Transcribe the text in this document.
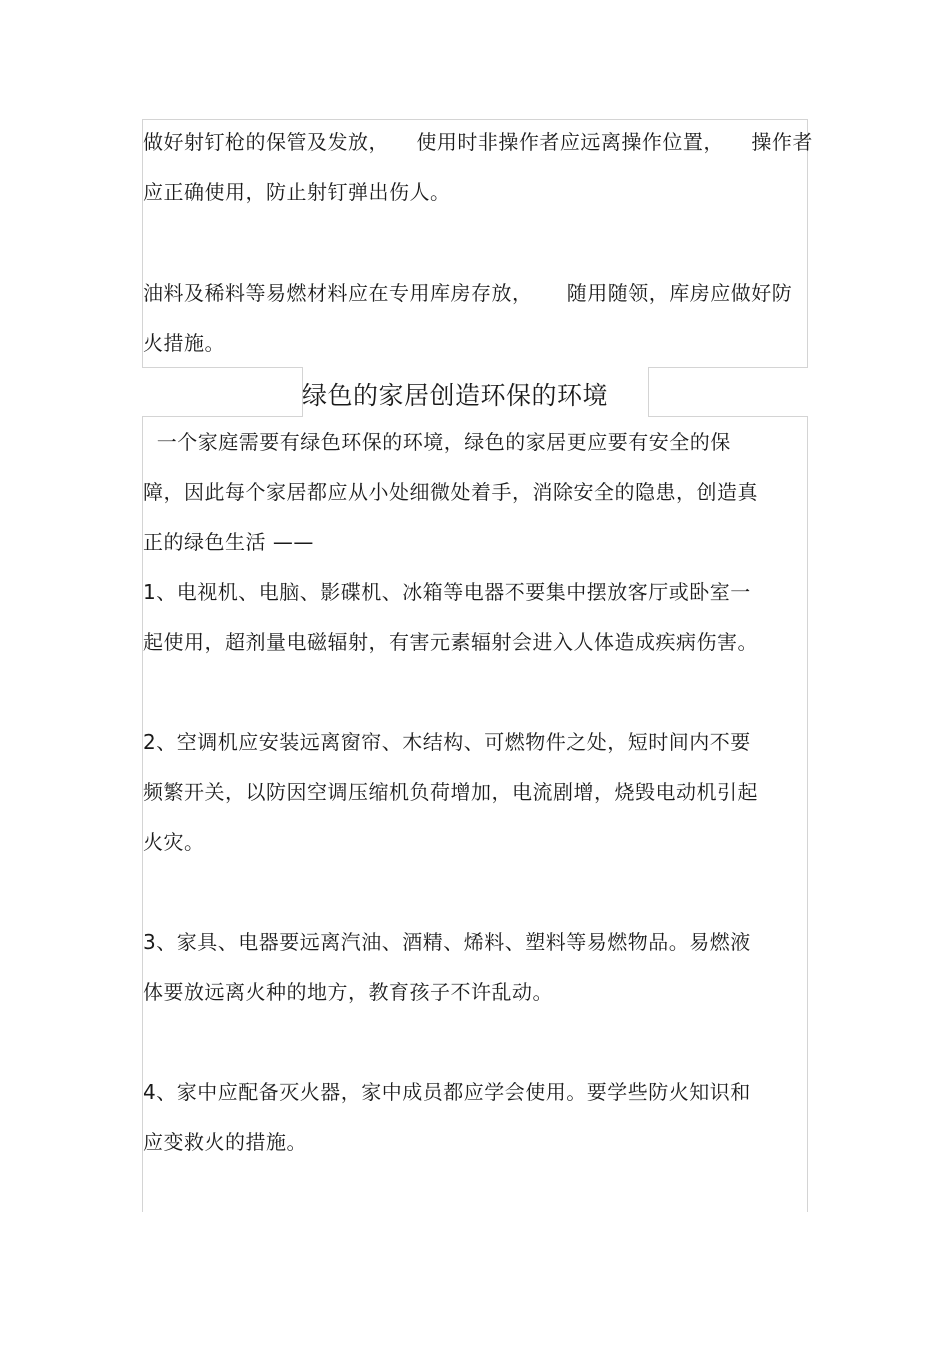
做好射钉枪的保管及发放，    使用时非操作者应远离操作位置，    操作者
应正确使用，防止射钉弹出伤人。
油料及稀料等易燃材料应在专用库房存放，     随用随领，库房应做好防
火措施。
绿色的家居创造环保的环境
一个家庭需要有绿色环保的环境，绿色的家居更应要有安全的保
障，因此每个家居都应从小处细微处着手，消除安全的隐患，创造真
正的绿色生活 ——
1、电视机、电脑、影碟机、冰箱等电器不要集中摆放客厅或卧室一
起使用，超剂量电磁辐射，有害元素辐射会进入人体造成疾病伤害。
2、空调机应安装远离窗帘、木结构、可燃物件之处，短时间内不要
频繁开关，以防因空调压缩机负荷增加，电流剧增，烧毁电动机引起
火灾。
3、家具、电器要远离汽油、酒精、烯料、塑料等易燃物品。易燃液
体要放远离火种的地方，教育孩子不许乱动。
4、家中应配备灭火器，家中成员都应学会使用。要学些防火知识和
应变救火的措施。
